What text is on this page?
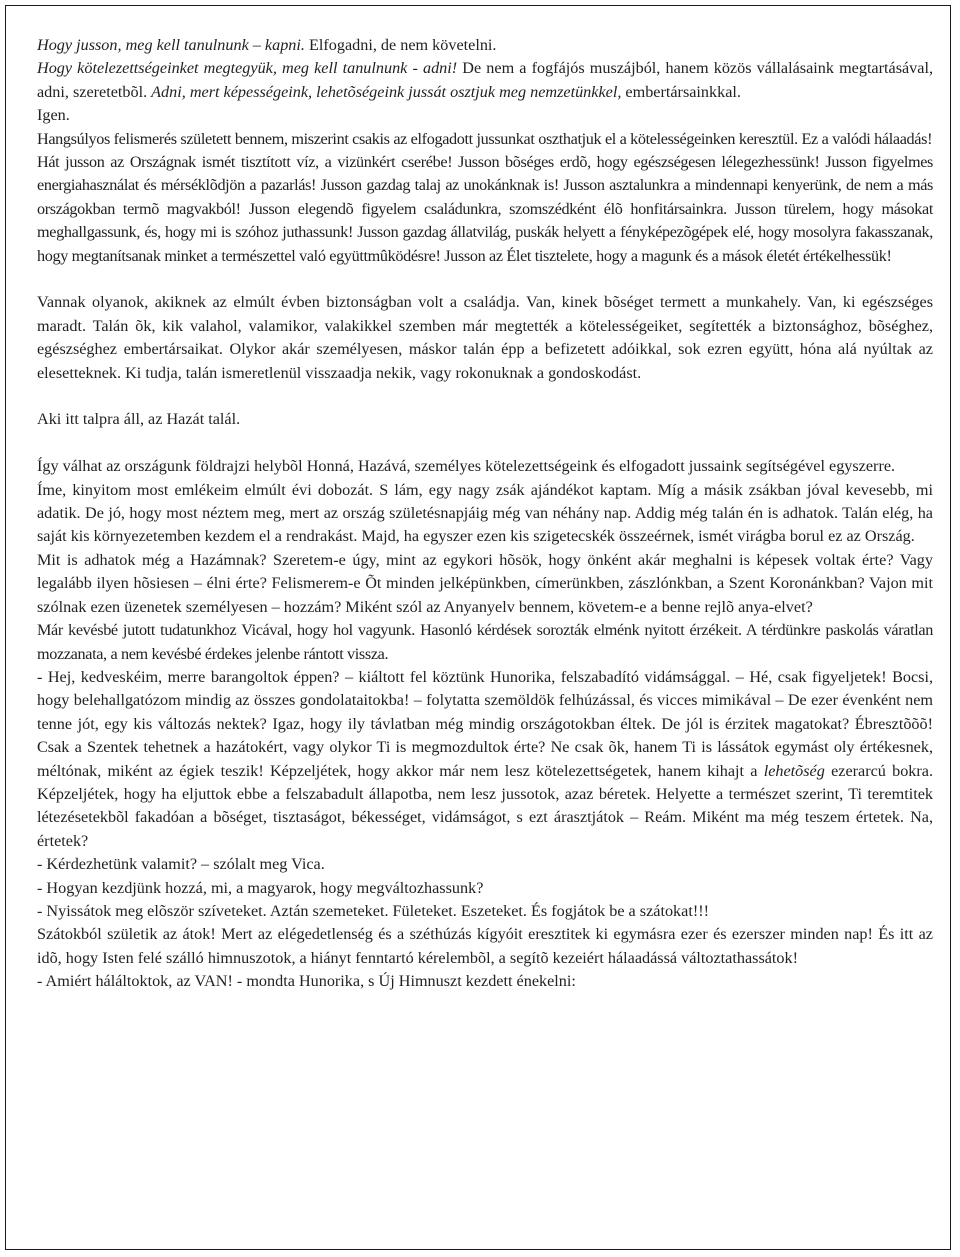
Hogy jusson, meg kell tanulnunk – kapni. Elfogadni, de nem követelni.

Hogy kötelezettségeinket megtegyük, meg kell tanulnunk - adni! De nem a fogfájós muszájból, hanem közös vállalásaink megtartásával, adni, szeretetbõl. Adni, mert képességeink, lehetõségeink jussát osztjuk meg nemzetünkkel, embertársainkkal.

Igen.

Hangsúlyos felismerés született bennem, miszerint csakis az elfogadott jussunkat oszthatjuk el a kötelességeinken keresztül. Ez a valódi hálaadás!

Hát jusson az Országnak ismét tisztított víz, a vizünkért cserébe! Jusson bõséges erdõ, hogy egészségesen lélegezhessünk! Jusson figyelmes energiahasználat és mérséklõdjön a pazarlás! Jusson gazdag talaj az unokánknak is! Jusson asztalunkra a mindennapi kenyerünk, de nem a más országokban termõ magvakból! Jusson elegendõ figyelem családunkra, szomszédként élõ honfitársainkra. Jusson türelem, hogy másokat meghallgassunk, és, hogy mi is szóhoz juthassunk! Jusson gazdag állatvilág, puskák helyett a fényképezõgépek elé, hogy mosolyra fakasszanak, hogy megtanítsanak minket a természettel való együttmûködésre! Jusson az Élet tisztelete, hogy a magunk és a mások életét értékelhessük!

Vannak olyanok, akiknek az elmúlt évben biztonságban volt a családja. Van, kinek bõséget termett a munkahely. Van, ki egészséges maradt. Talán õk, kik valahol, valamikor, valakikkel szemben már megtették a kötelességeiket, segítették a biztonsághoz, bõséghez, egészséghez embertársaikat. Olykor akár személyesen, máskor talán épp a befizetett adóikkal, sok ezren együtt, hóna alá nyúltak az elesetteknek. Ki tudja, talán ismeretlenül visszaadja nekik, vagy rokonuknak a gondoskodást.

Aki itt talpra áll, az Hazát talál.

Így válhat az országunk földrajzi helybõl Honná, Hazává, személyes kötelezettségeink és elfogadott jussaink segítségével egyszerre.

Íme, kinyitom most emlékeim elmúlt évi dobozát. S lám, egy nagy zsák ajándékot kaptam. Míg a másik zsákban jóval kevesebb, mi adatik. De jó, hogy most néztem meg, mert az ország születésnapjáig még van néhány nap. Addig még talán én is adhatok. Talán elég, ha saját kis környezetemben kezdem el a rendrakást. Majd, ha egyszer ezen kis szigetecskék összeérnek, ismét virágba borul ez az Ország.

Mit is adhatok még a Hazámnak? Szeretem-e úgy, mint az egykori hõsök, hogy önként akár meghalni is képesek voltak érte? Vagy legalább ilyen hõsiesen – élni érte? Felismerem-e Õt minden jelképünkben, címerünkben, zászlónkban, a Szent Koronánkban? Vajon mit szólnak ezen üzenetek személyesen – hozzám? Miként szól az Anyanyelv bennem, követem-e a benne rejlõ anya-elvet?

Már kevésbé jutott tudatunkhoz Vicával, hogy hol vagyunk. Hasonló kérdések sorozták elménk nyitott érzékeit. A térdünkre paskolás váratlan mozzanata, a nem kevésbé érdekes jelenbe rántott vissza.

- Hej, kedveskéim, merre barangoltok éppen? – kiáltott fel köztünk Hunorika, felszabadító vidámsággal. – Hé, csak figyeljetek! Bocsi, hogy belehallgatózom mindig az összes gondolataitokba! – folytatta szemöldök felhúzással, és vicces mimikával – De ezer évenként nem tenne jót, egy kis változás nektek? Igaz, hogy ily távlatban még mindig országotokban éltek. De jól is érzitek magatokat? Ébresztõõõ! Csak a Szentek tehetnek a hazátokért, vagy olykor Ti is megmozdultok érte? Ne csak õk, hanem Ti is lássátok egymást oly értékesnek, méltónak, miként az égiek teszik! Képzeljétek, hogy akkor már nem lesz kötelezettségetek, hanem kihajt a lehetõség ezerarcú bokra. Képzeljétek, hogy ha eljuttok ebbe a felszabadult állapotba, nem lesz jussotok, azaz béretek. Helyette a természet szerint, Ti teremtitek létezésetekbõl fakadóan a bõséget, tisztaságot, békességet, vidámságot, s ezt árasztjátok – Reám. Miként ma még teszem értetek. Na, értetek?

- Kérdezhetünk valamit? – szólalt meg Vica.

- Hogyan kezdjünk hozzá, mi, a magyarok, hogy megváltozhassunk?

- Nyissátok meg elõször szíveteket. Aztán szemeteket. Fületeket. Eszeteket. És fogjátok be a szátokat!!!

Szátokból születik az átok! Mert az elégedetlenség és a széthúzás kígyóit eresztitek ki egymásra ezer és ezerszer minden nap! És itt az idõ, hogy Isten felé szálló himnuszotok, a hiányt fenntartó kérelembõl, a segítõ kezeiért hálaadássá változtathassátok!

- Amiért háláltoktok, az VAN! - mondta Hunorika, s Új Himnuszt kezdett énekelni:
